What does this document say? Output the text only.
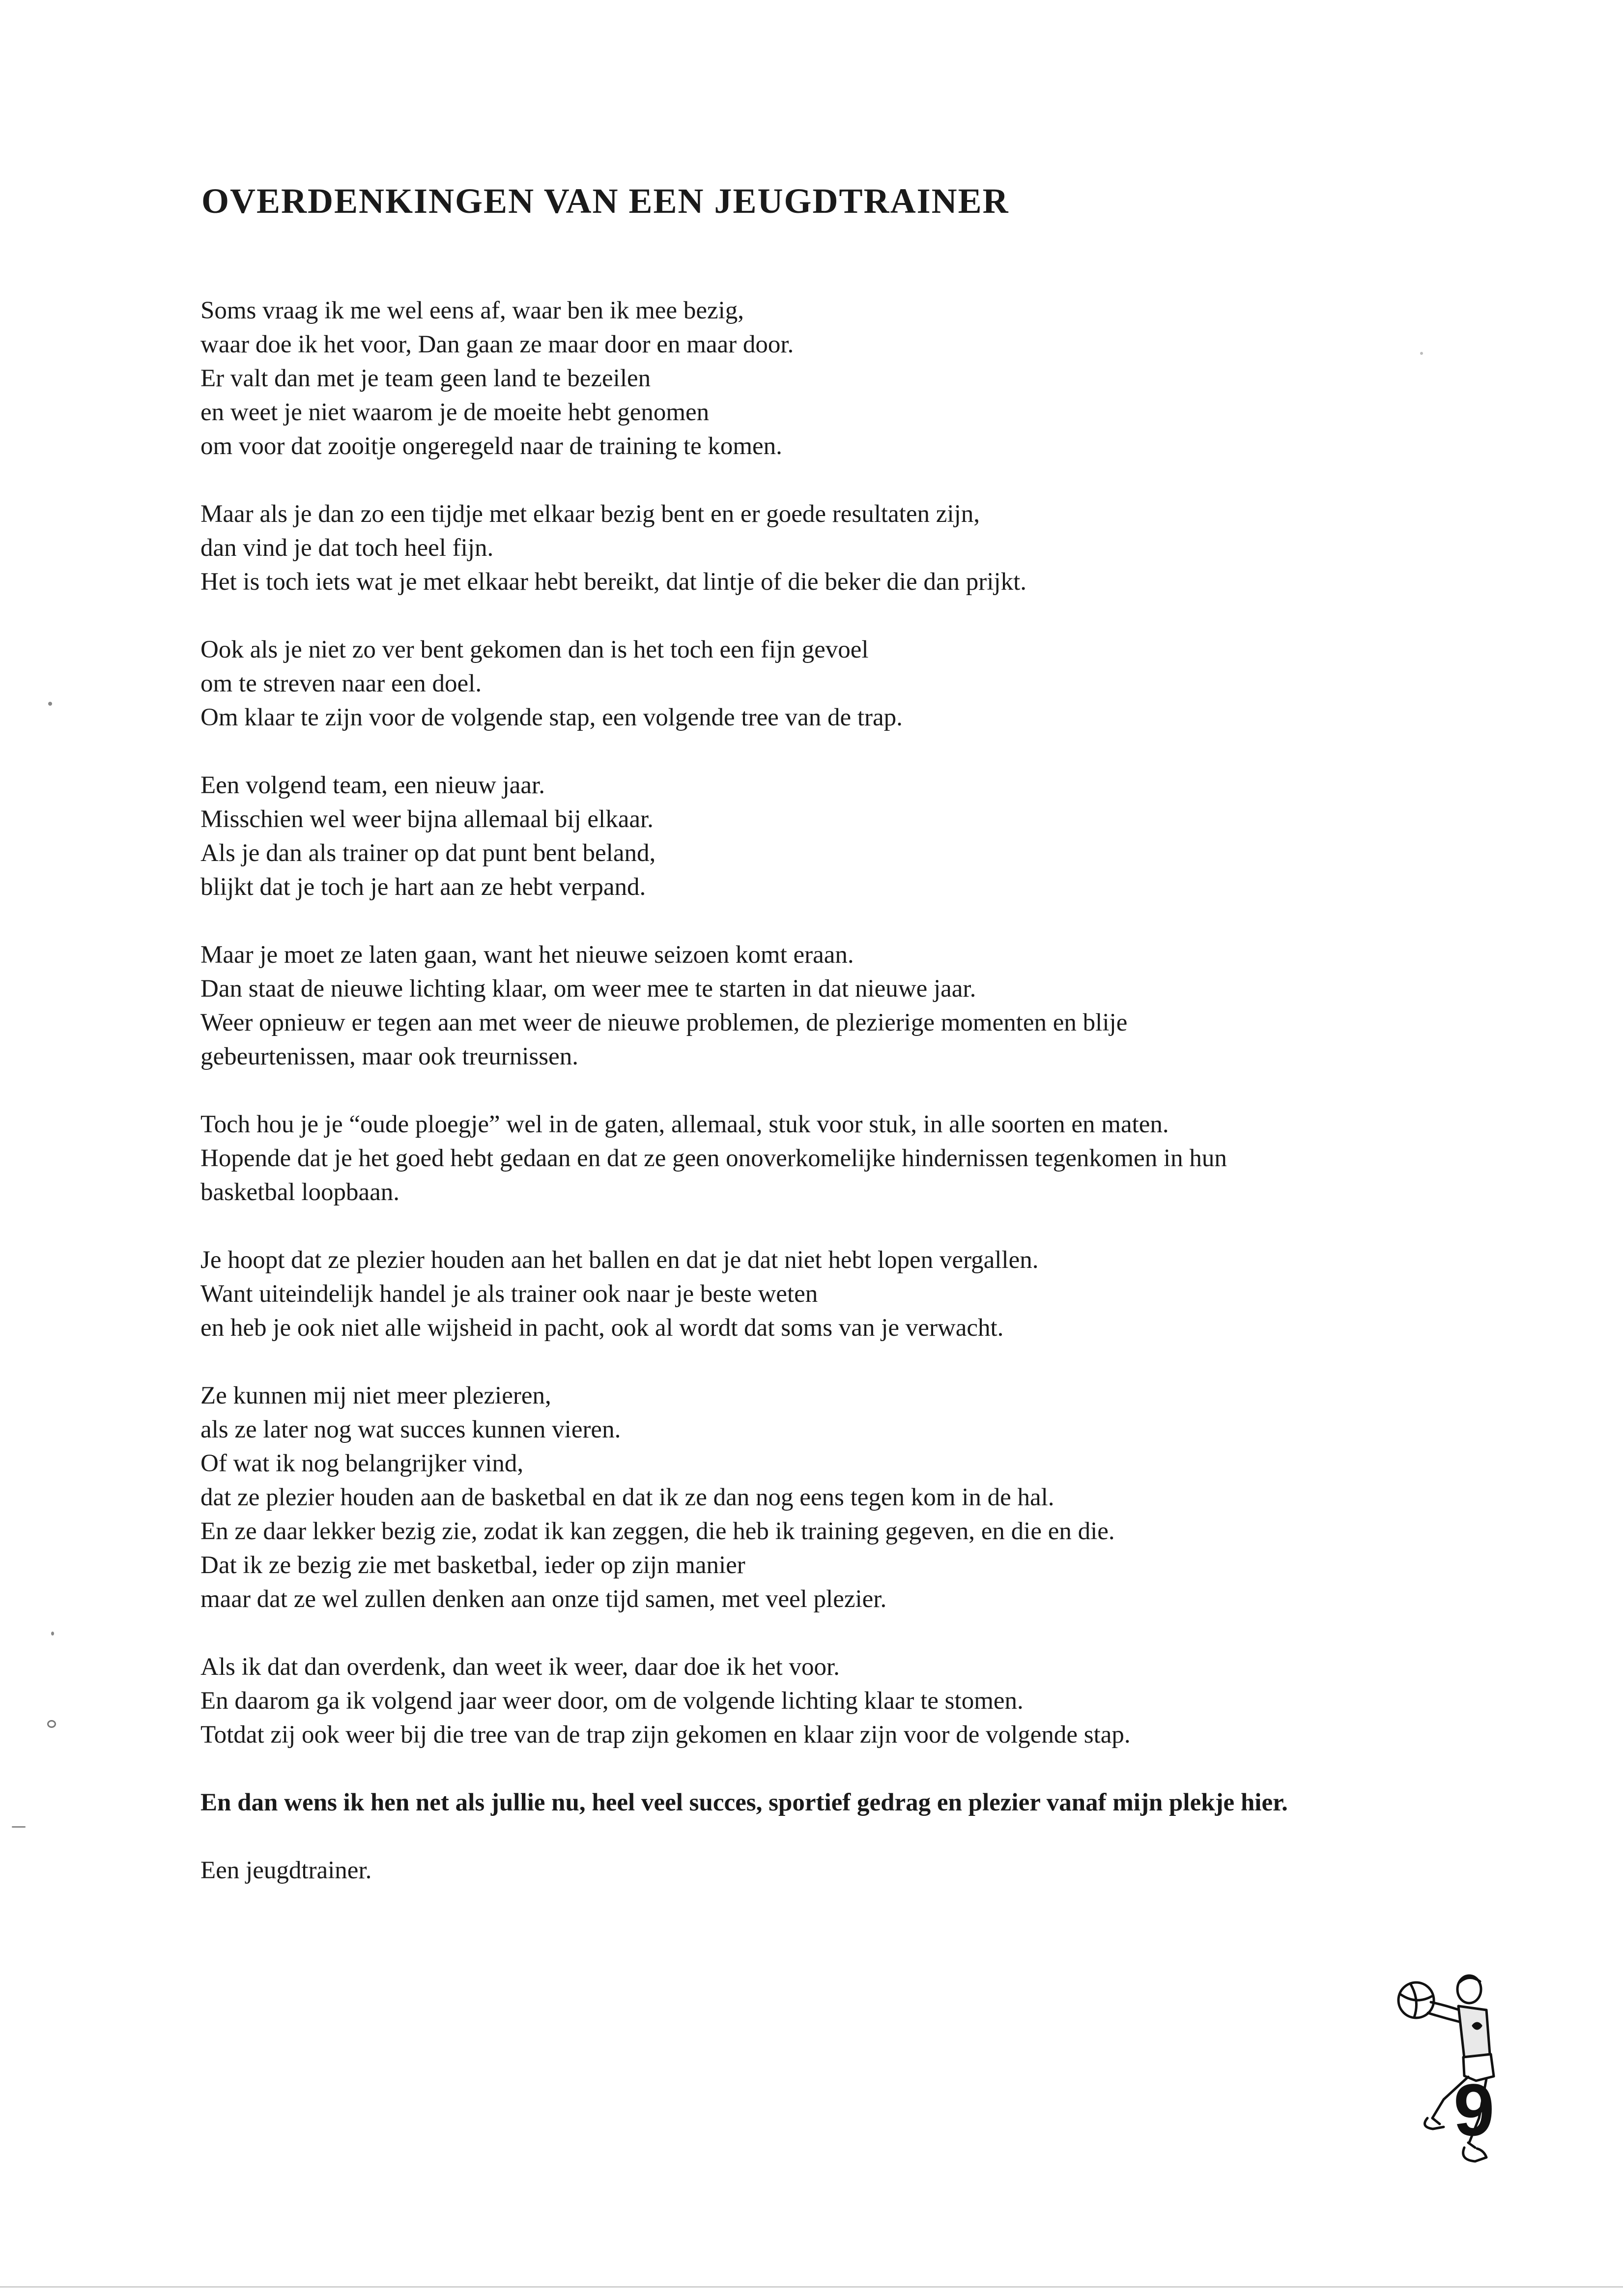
OVERDENKINGEN VAN EEN JEUGDTRAINER

Soms vraag ik me wel eens af, waar ben ik mee bezig,
waar doe ik het voor, Dan gaan ze maar door en maar door.
Er valt dan met je team geen land te bezeilen
en weet je niet waarom je de moeite hebt genomen
om voor dat zooitje ongeregeld naar de training te komen.

Maar als je dan zo een tijdje met elkaar bezig bent en er goede resultaten zijn,
dan vind je dat toch heel fijn.
Het is toch iets wat je met elkaar hebt bereikt, dat lintje of die beker die dan prijkt.

Ook als je niet zo ver bent gekomen dan is het toch een fijn gevoel
om te streven naar een doel.
Om klaar te zijn voor de volgende stap, een volgende tree van de trap.

Een volgend team, een nieuw jaar.
Misschien wel weer bijna allemaal bij elkaar.
Als je dan als trainer op dat punt bent beland,
blijkt dat je toch je hart aan ze hebt verpand.

Maar je moet ze laten gaan, want het nieuwe seizoen komt eraan.
Dan staat de nieuwe lichting klaar, om weer mee te starten in dat nieuwe jaar.
Weer opnieuw er tegen aan met weer de nieuwe problemen, de plezierige momenten en blije
gebeurtenissen, maar ook treurnissen.

Toch hou je je “oude ploegje” wel in de gaten, allemaal, stuk voor stuk, in alle soorten en maten.
Hopende dat je het goed hebt gedaan en dat ze geen onoverkomelijke hindernissen tegenkomen in hun
basketbal loopbaan.

Je hoopt dat ze plezier houden aan het ballen en dat je dat niet hebt lopen vergallen.
Want uiteindelijk handel je als trainer ook naar je beste weten
en heb je ook niet alle wijsheid in pacht, ook al wordt dat soms van je verwacht.

Ze kunnen mij niet meer plezieren,
als ze later nog wat succes kunnen vieren.
Of wat ik nog belangrijker vind,
dat ze plezier houden aan de basketbal en dat ik ze dan nog eens tegen kom in de hal.
En ze daar lekker bezig zie, zodat ik kan zeggen, die heb ik training gegeven, en die en die.
Dat ik ze bezig zie met basketbal, ieder op zijn manier
maar dat ze wel zullen denken aan onze tijd samen, met veel plezier.

Als ik dat dan overdenk, dan weet ik weer, daar doe ik het voor.
En daarom ga ik volgend jaar weer door, om de volgende lichting klaar te stomen.
Totdat zij ook weer bij die tree van de trap zijn gekomen en klaar zijn voor de volgende stap.

En dan wens ik hen net als jullie nu, heel veel succes, sportief gedrag en plezier vanaf mijn plekje hier.

Een jeugdtrainer.

9
